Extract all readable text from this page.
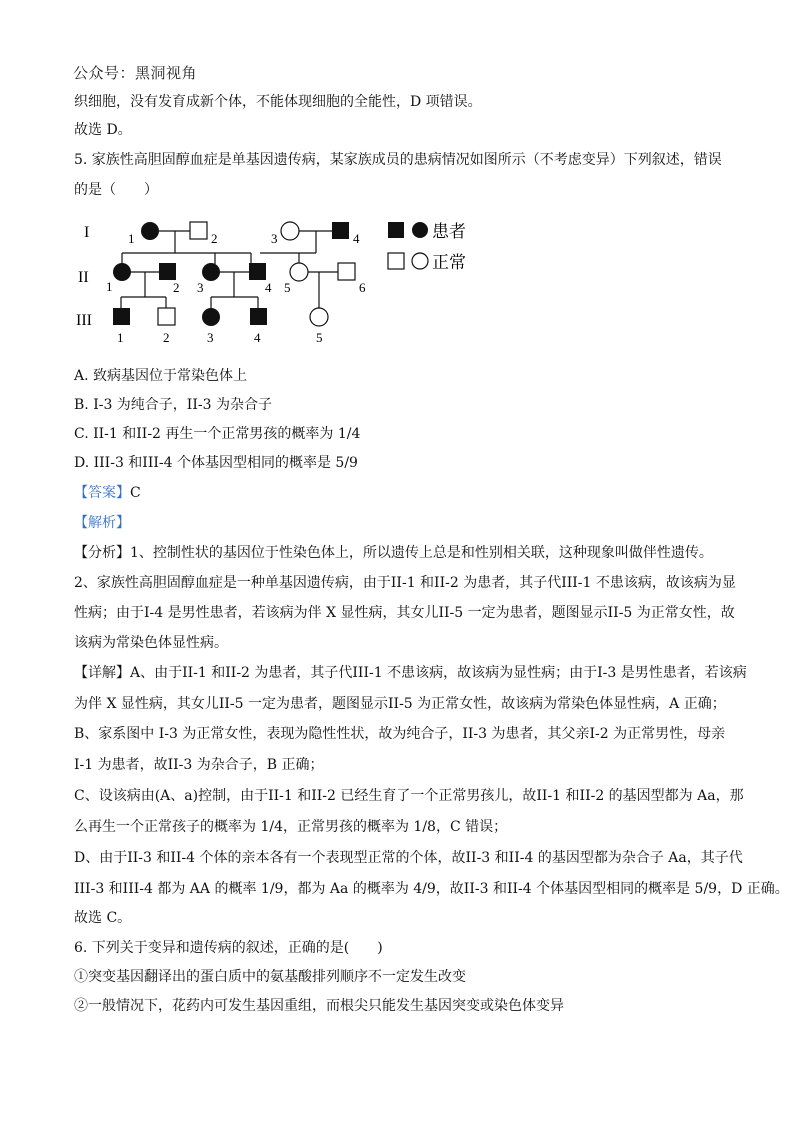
公众号：黑洞视角
织细胞，没有发育成新个体，不能体现细胞的全能性，D 项错误。
故选 D。
5. 家族性高胆固醇血症是单基因遗传病，某家族成员的患病情况如图所示（不考虑变异）下列叙述，错误
的是（　　）
I
II
III
1	2	3	4
1	2 3	4 5	6
1	2	3	4	5
患者
正常
A. 致病基因位于常染色体上
B. I-3 为纯合子，II-3 为杂合子
C. II-1 和II-2 再生一个正常男孩的概率为 1/4
D. III-3 和III-4 个体基因型相同的概率是 5/9
【答案】C
【解析】
【分析】1、控制性状的基因位于性染色体上，所以遗传上总是和性别相关联，这种现象叫做伴性遗传。
2、家族性高胆固醇血症是一种单基因遗传病，由于II-1 和II-2 为患者，其子代III-1 不患该病，故该病为显
性病；由于I-4 是男性患者，若该病为伴 X 显性病，其女儿II-5 一定为患者，题图显示II-5 为正常女性，故
该病为常染色体显性病。
【详解】A、由于II-1 和II-2 为患者，其子代III-1 不患该病，故该病为显性病；由于I-3 是男性患者，若该病
为伴 X 显性病，其女儿II-5 一定为患者，题图显示II-5 为正常女性，故该病为常染色体显性病，A 正确；
B、家系图中 I-3 为正常女性，表现为隐性性状，故为纯合子，II-3 为患者，其父亲I-2 为正常男性，母亲
I-1 为患者，故II-3 为杂合子，B 正确；
C、设该病由(A、a)控制，由于II-1 和II-2 已经生育了一个正常男孩儿，故II-1 和II-2 的基因型都为 Aa，那
么再生一个正常孩子的概率为 1/4，正常男孩的概率为 1/8，C 错误；
D、由于II-3 和II-4 个体的亲本各有一个表现型正常的个体，故II-3 和II-4 的基因型都为杂合子 Aa，其子代
III-3 和III-4 都为 AA 的概率 1/9，都为 Aa 的概率为 4/9，故II-3 和II-4 个体基因型相同的概率是 5/9，D 正确。
故选 C。
6. 下列关于变异和遗传病的叙述，正确的是(　　)
①突变基因翻译出的蛋白质中的氨基酸排列顺序不一定发生改变
②一般情况下，花药内可发生基因重组，而根尖只能发生基因突变或染色体变异
